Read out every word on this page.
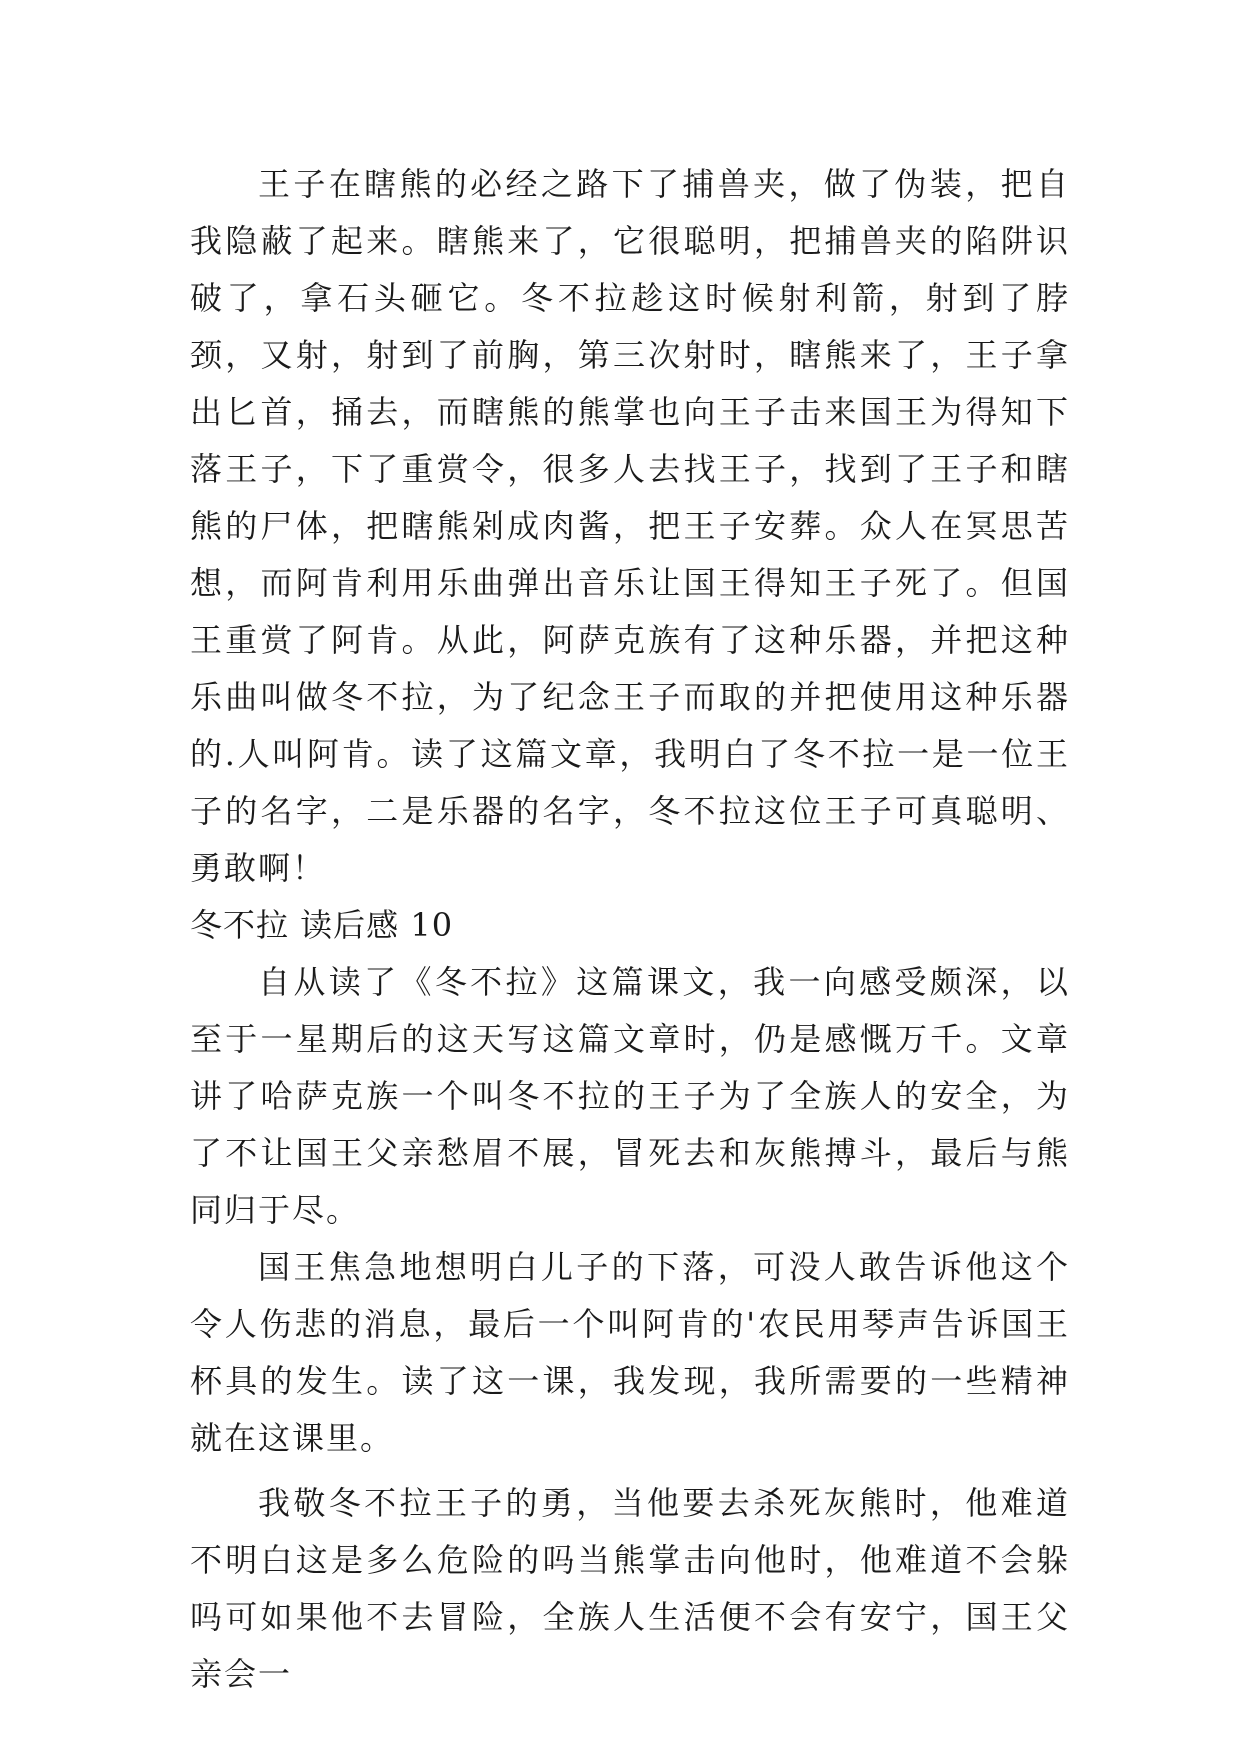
王子在瞎熊的必经之路下了捕兽夹，做了伪装，把自我隐蔽了起来。瞎熊来了，它很聪明，把捕兽夹的陷阱识破了，拿石头砸它。冬不拉趁这时候射利箭，射到了脖颈，又射，射到了前胸，第三次射时，瞎熊来了，王子拿出匕首，捅去，而瞎熊的熊掌也向王子击来国王为得知下落王子，下了重赏令，很多人去找王子，找到了王子和瞎熊的尸体，把瞎熊剁成肉酱，把王子安葬。众人在冥思苦想，而阿肯利用乐曲弹出音乐让国王得知王子死了。但国王重赏了阿肯。从此，阿萨克族有了这种乐器，并把这种乐曲叫做冬不拉，为了纪念王子而取的并把使用这种乐器的.人叫阿肯。读了这篇文章，我明白了冬不拉一是一位王子的名字，二是乐器的名字，冬不拉这位王子可真聪明、勇敢啊！

冬不拉 读后感 10

自从读了《冬不拉》这篇课文，我一向感受颇深，以至于一星期后的这天写这篇文章时，仍是感慨万千。文章讲了哈萨克族一个叫冬不拉的王子为了全族人的安全，为了不让国王父亲愁眉不展，冒死去和灰熊搏斗，最后与熊同归于尽。

国王焦急地想明白儿子的下落，可没人敢告诉他这个令人伤悲的消息，最后一个叫阿肯的'农民用琴声告诉国王杯具的发生。读了这一课，我发现，我所需要的一些精神就在这课里。

我敬冬不拉王子的勇，当他要去杀死灰熊时，他难道不明白这是多么危险的吗当熊掌击向他时，他难道不会躲吗可如果他不去冒险，全族人生活便不会有安宁，国王父亲会一
